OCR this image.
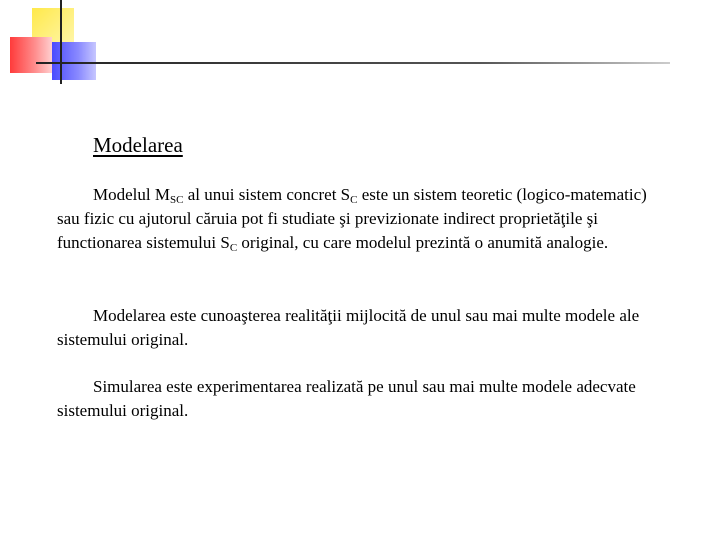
Modelarea

Modelul $M_{SC}$ al unui sistem concret $S_C$ este un sistem teoretic (logico-matematic) sau fizic cu ajutorul căruia pot fi studiate şi previzionate indirect proprietăţile şi functionarea sistemului $S_C$ original, cu care modelul prezintă o anumită analogie.

Modelarea este cunoaşterea realităţii mijlocită de unul sau mai multe modele ale sistemului original.

Simularea este experimentarea realizată pe unul sau mai multe modele adecvate sistemului original.
